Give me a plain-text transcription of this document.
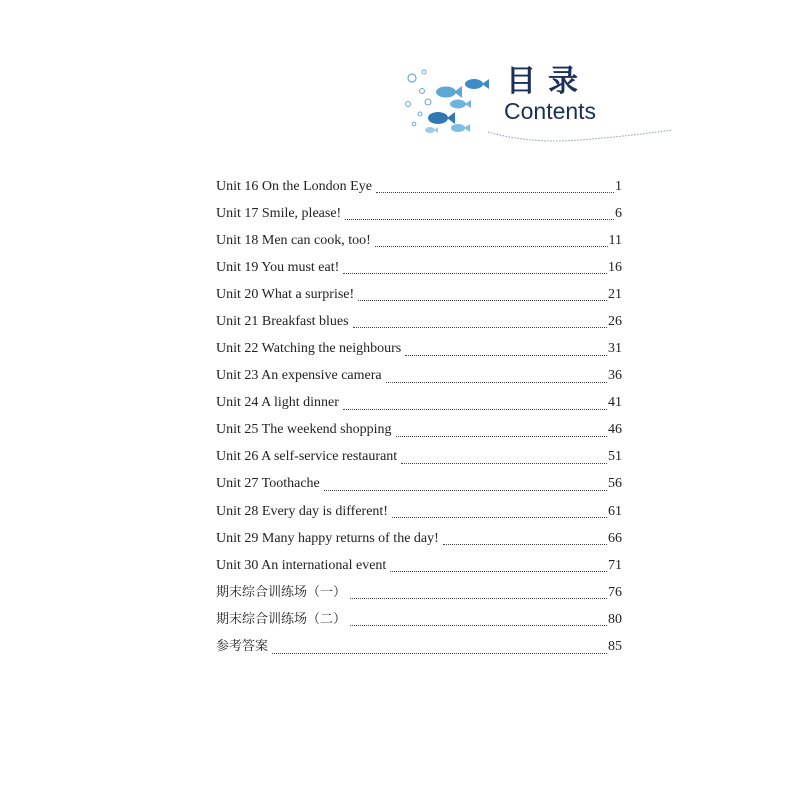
目录
Contents
Unit 16 On the London Eye	1
Unit 17 Smile, please!	6
Unit 18 Men can cook, too!	11
Unit 19 You must eat!	16
Unit 20 What a surprise!	21
Unit 21 Breakfast blues	26
Unit 22 Watching the neighbours	31
Unit 23 An expensive camera	36
Unit 24 A light dinner	41
Unit 25 The weekend shopping	46
Unit 26 A self-service restaurant	51
Unit 27 Toothache	56
Unit 28 Every day is different!	61
Unit 29 Many happy returns of the day!	66
Unit 30 An international event	71
期末综合训练场（一）	76
期末综合训练场（二）	80
参考答案	85
